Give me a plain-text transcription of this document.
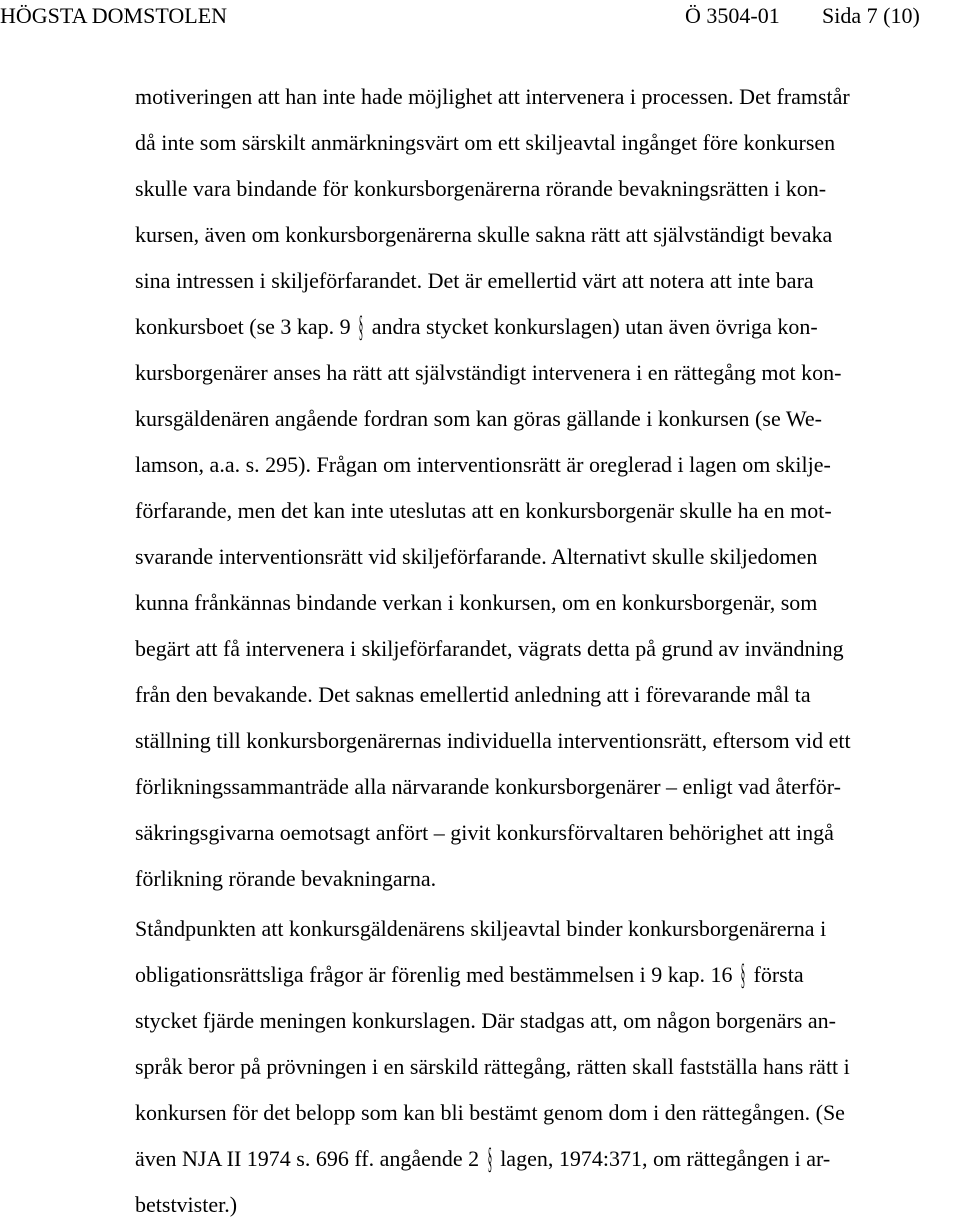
HÖGSTA DOMSTOLEN	Ö 3504-01 Sida 7 (10)
motiveringen att han inte hade möjlighet att intervenera i processen. Det framstår
då inte som särskilt anmärkningsvärt om ett skiljeavtal ingånget före konkursen
skulle vara bindande för konkursborgenärerna rörande bevakningsrätten i kon-
kursen, även om konkursborgenärerna skulle sakna rätt att självständigt bevaka
sina intressen i skiljeförfarandet. Det är emellertid värt att notera att inte bara
konkursboet (se 3 kap. 9 § andra stycket konkurslagen) utan även övriga kon-
kursborgenärer anses ha rätt att självständigt intervenera i en rättegång mot kon-
kursgäldenären angående fordran som kan göras gällande i konkursen (se We-
lamson, a.a. s. 295). Frågan om interventionsrätt är oreglerad i lagen om skilje-
förfarande, men det kan inte uteslutas att en konkursborgenär skulle ha en mot-
svarande interventionsrätt vid skiljeförfarande. Alternativt skulle skiljedomen
kunna frånkännas bindande verkan i konkursen, om en konkursborgenär, som
begärt att få intervenera i skiljeförfarandet, vägrats detta på grund av invändning
från den bevakande. Det saknas emellertid anledning att i förevarande mål ta
ställning till konkursborgenärernas individuella interventionsrätt, eftersom vid ett
förlikningssammanträde alla närvarande konkursborgenärer – enligt vad återför-
säkringsgivarna oemotsagt anfört – givit konkursförvaltaren behörighet att ingå
förlikning rörande bevakningarna.
Ståndpunkten att konkursgäldenärens skiljeavtal binder konkursborgenärerna i
obligationsrättsliga frågor är förenlig med bestämmelsen i 9 kap. 16 § första
stycket fjärde meningen konkurslagen. Där stadgas att, om någon borgenärs an-
språk beror på prövningen i en särskild rättegång, rätten skall fastställa hans rätt i
konkursen för det belopp som kan bli bestämt genom dom i den rättegången. (Se
även NJA II 1974 s. 696 ff. angående 2 § lagen, 1974:371, om rättegången i ar-
betstvister.)
